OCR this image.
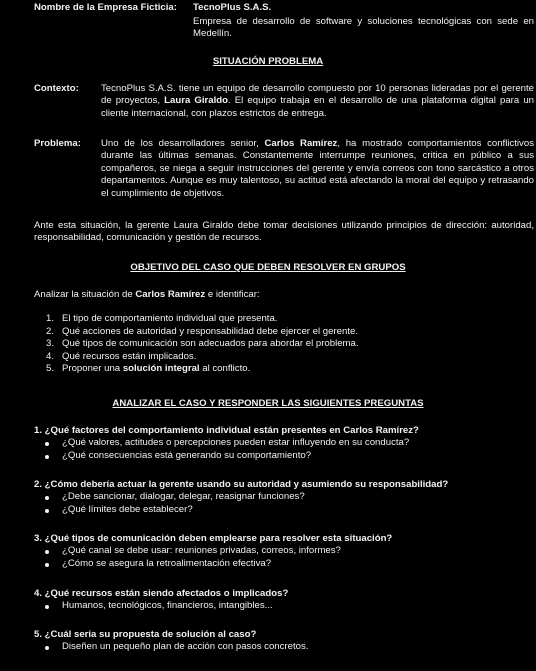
Nombre de la Empresa Ficticia: TecnoPlus S.A.S.
Empresa de desarrollo de software y soluciones tecnológicas con sede en Medellín.
SITUACIÓN PROBLEMA
Contexto: TecnoPlus S.A.S. tiene un equipo de desarrollo compuesto por 10 personas lideradas por el gerente de proyectos, Laura Giraldo. El equipo trabaja en el desarrollo de una plataforma digital para un cliente internacional, con plazos estrictos de entrega.
Problema: Uno de los desarrolladores senior, Carlos Ramírez, ha mostrado comportamientos conflictivos durante las últimas semanas. Constantemente interrumpe reuniones, critica en público a sus compañeros, se niega a seguir instrucciones del gerente y envía correos con tono sarcástico a otros departamentos. Aunque es muy talentoso, su actitud está afectando la moral del equipo y retrasando el cumplimiento de objetivos.
Ante esta situación, la gerente Laura Giraldo debe tomar decisiones utilizando principios de dirección: autoridad, responsabilidad, comunicación y gestión de recursos.
OBJETIVO DEL CASO QUE DEBEN RESOLVER EN GRUPOS
Analizar la situación de Carlos Ramírez e identificar:
1. El tipo de comportamiento individual que presenta.
2. Qué acciones de autoridad y responsabilidad debe ejercer el gerente.
3. Qué tipos de comunicación son adecuados para abordar el problema.
4. Qué recursos están implicados.
5. Proponer una solución integral al conflicto.
ANALIZAR EL CASO Y RESPONDER LAS SIGUIENTES PREGUNTAS
1. ¿Qué factores del comportamiento individual están presentes en Carlos Ramírez?
¿Qué valores, actitudes o percepciones pueden estar influyendo en su conducta?
¿Qué consecuencias está generando su comportamiento?
2. ¿Cómo debería actuar la gerente usando su autoridad y asumiendo su responsabilidad?
¿Debe sancionar, dialogar, delegar, reasignar funciones?
¿Qué límites debe establecer?
3. ¿Qué tipos de comunicación deben emplearse para resolver esta situación?
¿Qué canal se debe usar: reuniones privadas, correos, informes?
¿Cómo se asegura la retroalimentación efectiva?
4. ¿Qué recursos están siendo afectados o implicados?
Humanos, tecnológicos, financieros, intangibles...
5. ¿Cuál sería su propuesta de solución al caso?
Diseñen un pequeño plan de acción con pasos concretos.
